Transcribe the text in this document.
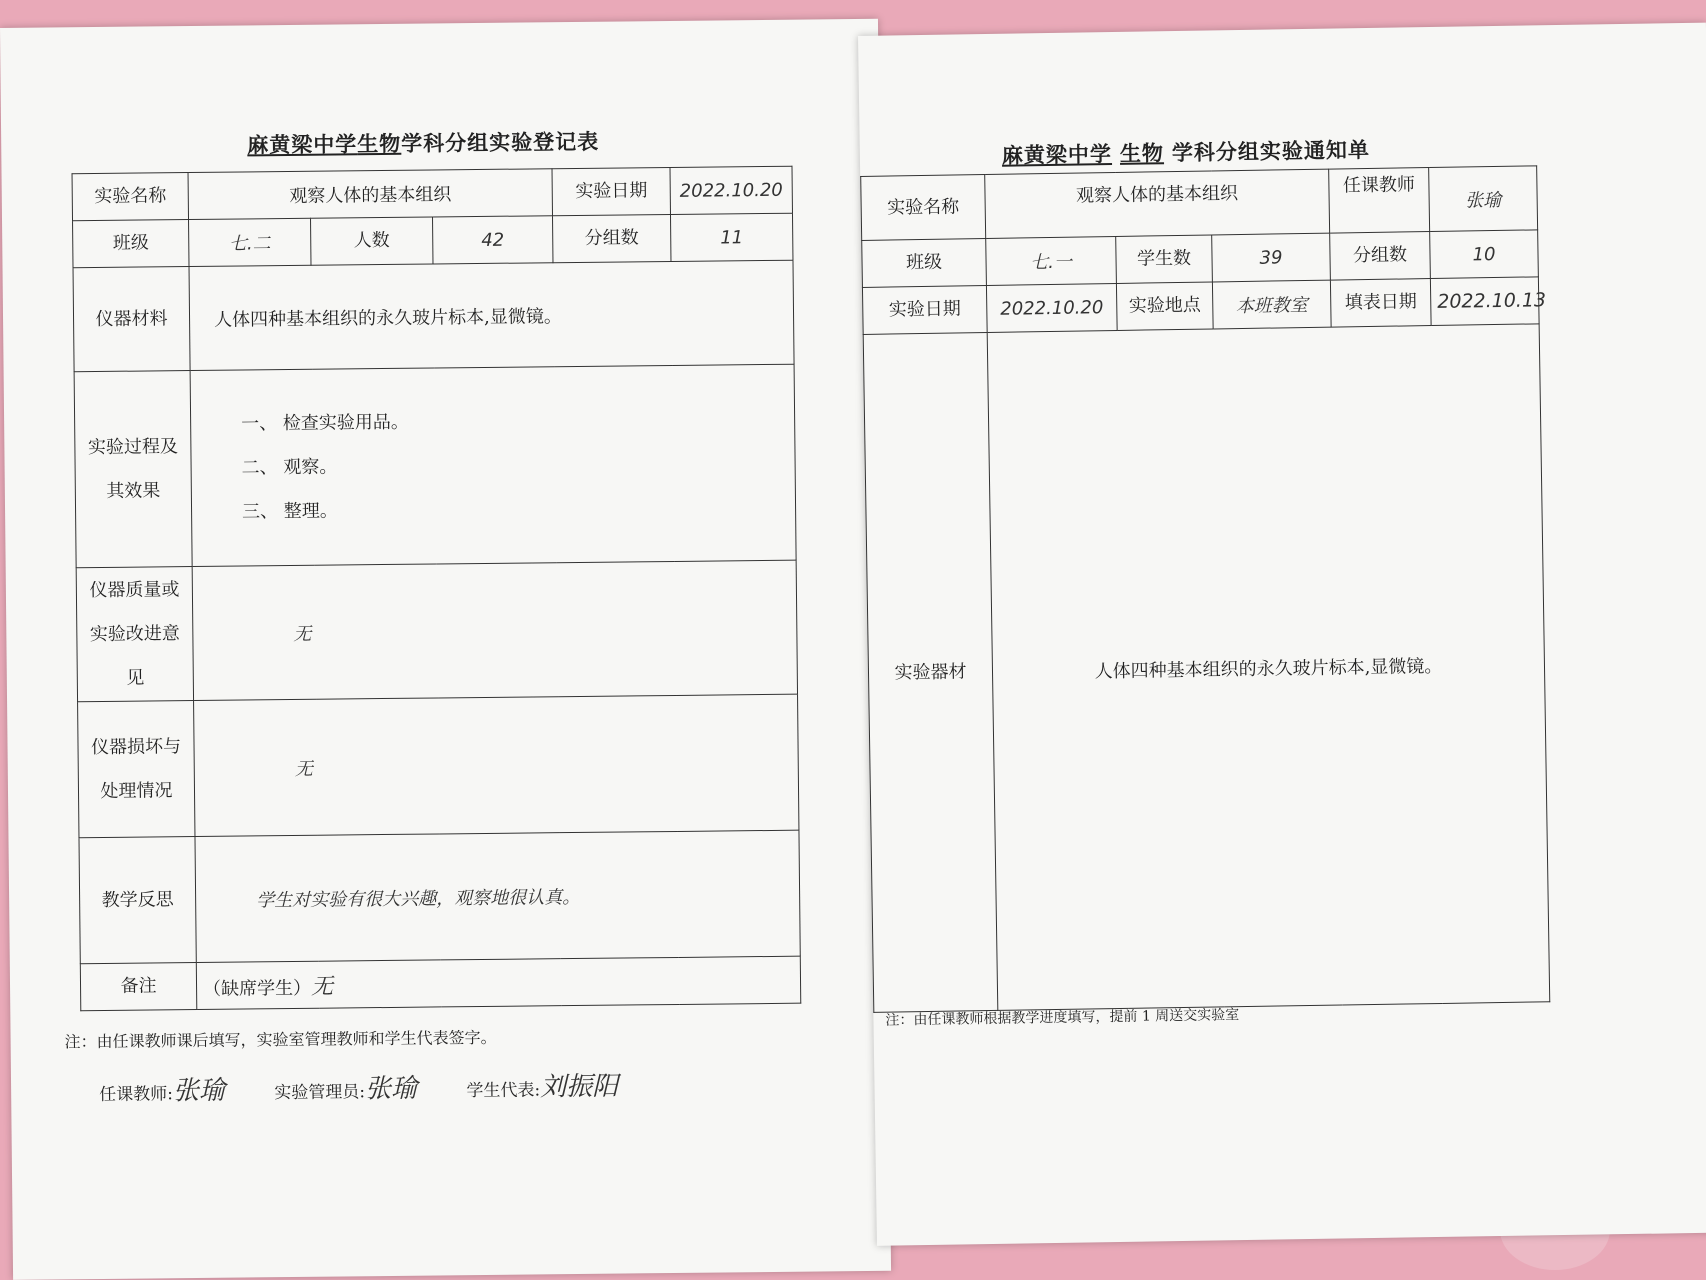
麻黄梁中学生物学科分组实验登记表
实验名称	观察人体的基本组织			实验日期	2022.10.20
班级	七.二	人数	42	分组数	11
仪器材料	人体四种基本组织的永久玻片标本,显微镜。				
实验过程及其效果	一、 检查实验用品。
二、 观察。
三、 整理。				

仪器质量或实验改进意见	无				
仪器损坏与处理情况	无				
教学反思	学生对实验有很大兴趣，观察地很认真。				
备注	（缺席学生）无				
注：由任课教师课后填写，实验室管理教师和学生代表签字。
任课教师:张瑜	实验管理员:张瑜	学生代表:刘振阳
麻黄梁中学 生物 学科分组实验通知单
实验名称	观察人体的基本组织			任课教师	张瑜
班级	七.一	学生数	39	分组数	10
实验日期	2022.10.20	实验地点	本班教室	填表日期	2022.10.13
实验器材	人体四种基本组织的永久玻片标本,显微镜。				
注：由任课教师根据教学进度填写，提前 1 周送交实验室
